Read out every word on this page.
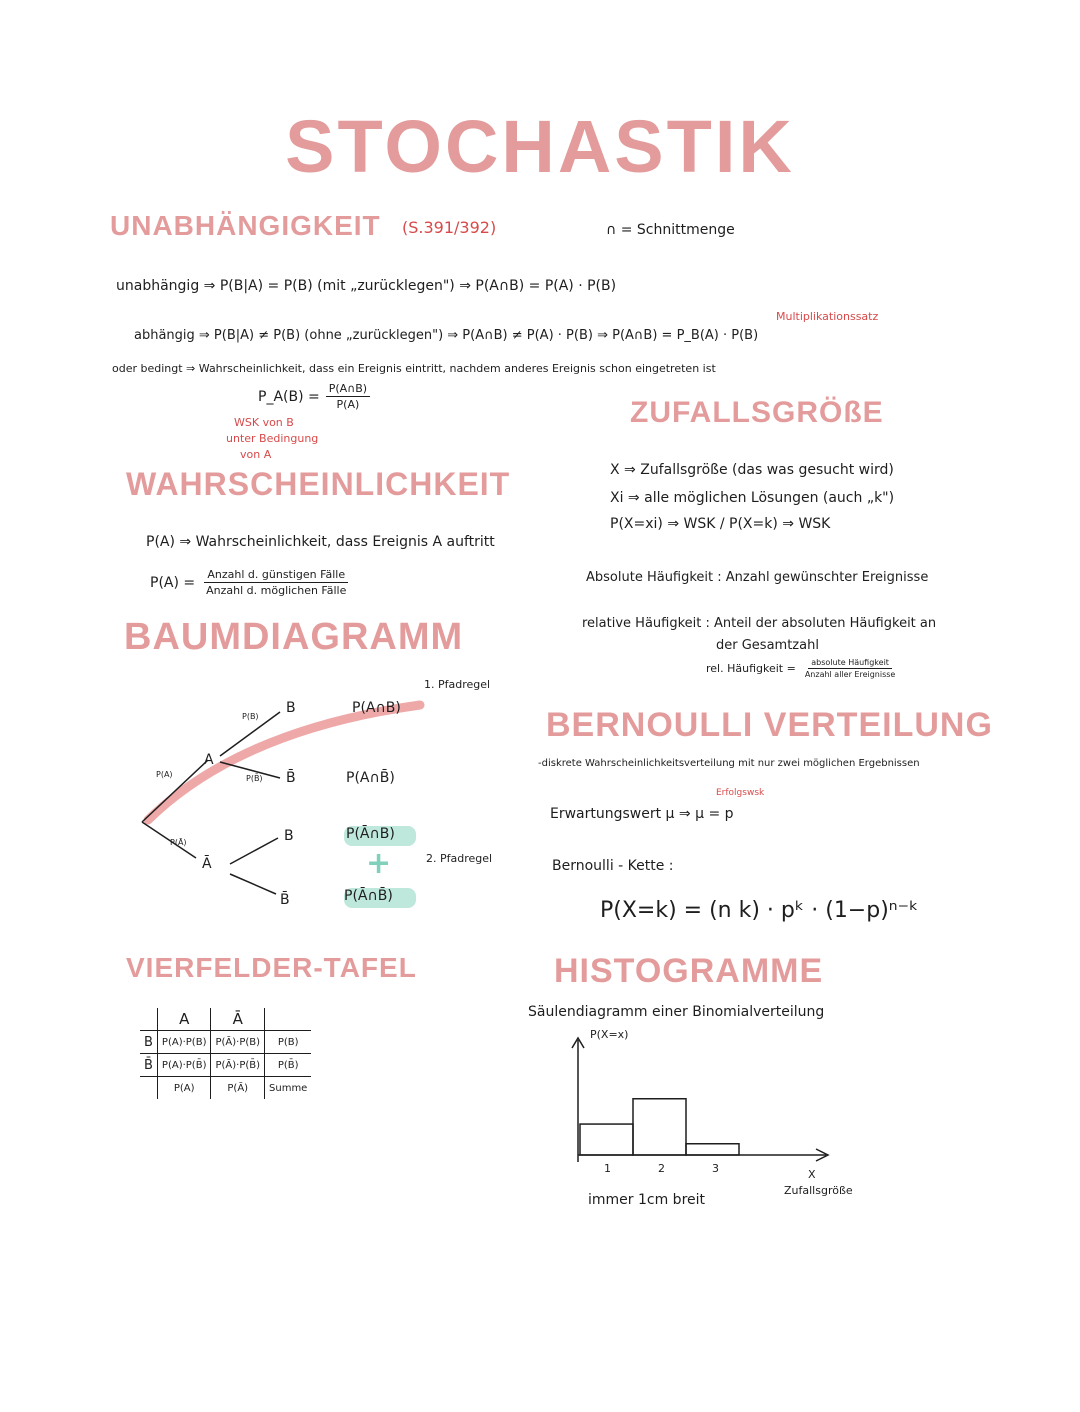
STOCHASTIK
UNABHÄNGIGKEIT (S.391/392)	∩ = Schnittmenge
unabhängig ⇒ P(B|A) = P(B) (mit „zurücklegen") ⇒ P(A∩B) = P(A) · P(B)
Multiplikationssatz
abhängig ⇒ P(B|A) ≠ P(B) (ohne „zurücklegen") ⇒ P(A∩B) ≠ P(A) · P(B) ⇒ P(A∩B) = P_B(A) · P(B)
oder bedingt ⇒ Wahrscheinlichkeit, dass ein Ereignis eintritt, nachdem anderes Ereignis schon eingetreten ist
P_A(B) = $\frac{P(A\cap B)}{P(A)}$
WSK von B
unter Bedingung
von A
WAHRSCHEINLICHKEIT
P(A) ⇒ Wahrscheinlichkeit, dass Ereignis A auftritt
$P(A) = \frac{\text{Anzahl d. günstigen Fälle}}{\text{Anzahl d. möglichen Fälle}}$
BAUMDIAGRAMM
A
Ā
B
B̄
B
B̄
P(A)
P(Ā)
P(B)
P(B̄)
P(A∩B)
P(A∩B̄)
P(Ā∩B)
+
P(Ā∩B̄)
1. Pfadregel
2. Pfadregel
VIERFELDER-TAFEL
	A	Ā	
B	P(A)·P(B)	P(Ā)·P(B)	P(B)
B̄	P(A)·P(B̄)	P(Ā)·P(B̄)	P(B̄)
	P(A)	P(Ā)	Summe
ZUFALLSGRÖßE
X ⇒ Zufallsgröße (das was gesucht wird)
Xi ⇒ alle möglichen Lösungen (auch „k")
P(X=xi) ⇒ WSK / P(X=k) ⇒ WSK
Absolute Häufigkeit : Anzahl gewünschter Ereignisse
relative Häufigkeit : Anteil der absoluten Häufigkeit an
der Gesamtzahl
rel. Häufigkeit = $\frac{\text{absolute Häufigkeit}}{\text{Anzahl aller Ereignisse}}$
BERNOULLI VERTEILUNG
-diskrete Wahrscheinlichkeitsverteilung mit nur zwei möglichen Ergebnissen
Erfolgswsk
Erwartungswert μ ⇒ μ = p
Bernoulli - Kette :
P(X=k) = (n k) · pᵏ · (1−p)ⁿ⁻ᵏ
HISTOGRAMME
Säulendiagramm einer Binomialverteilung
P(X=x)
X
Zufallsgröße
1	2	3
immer 1cm breit
